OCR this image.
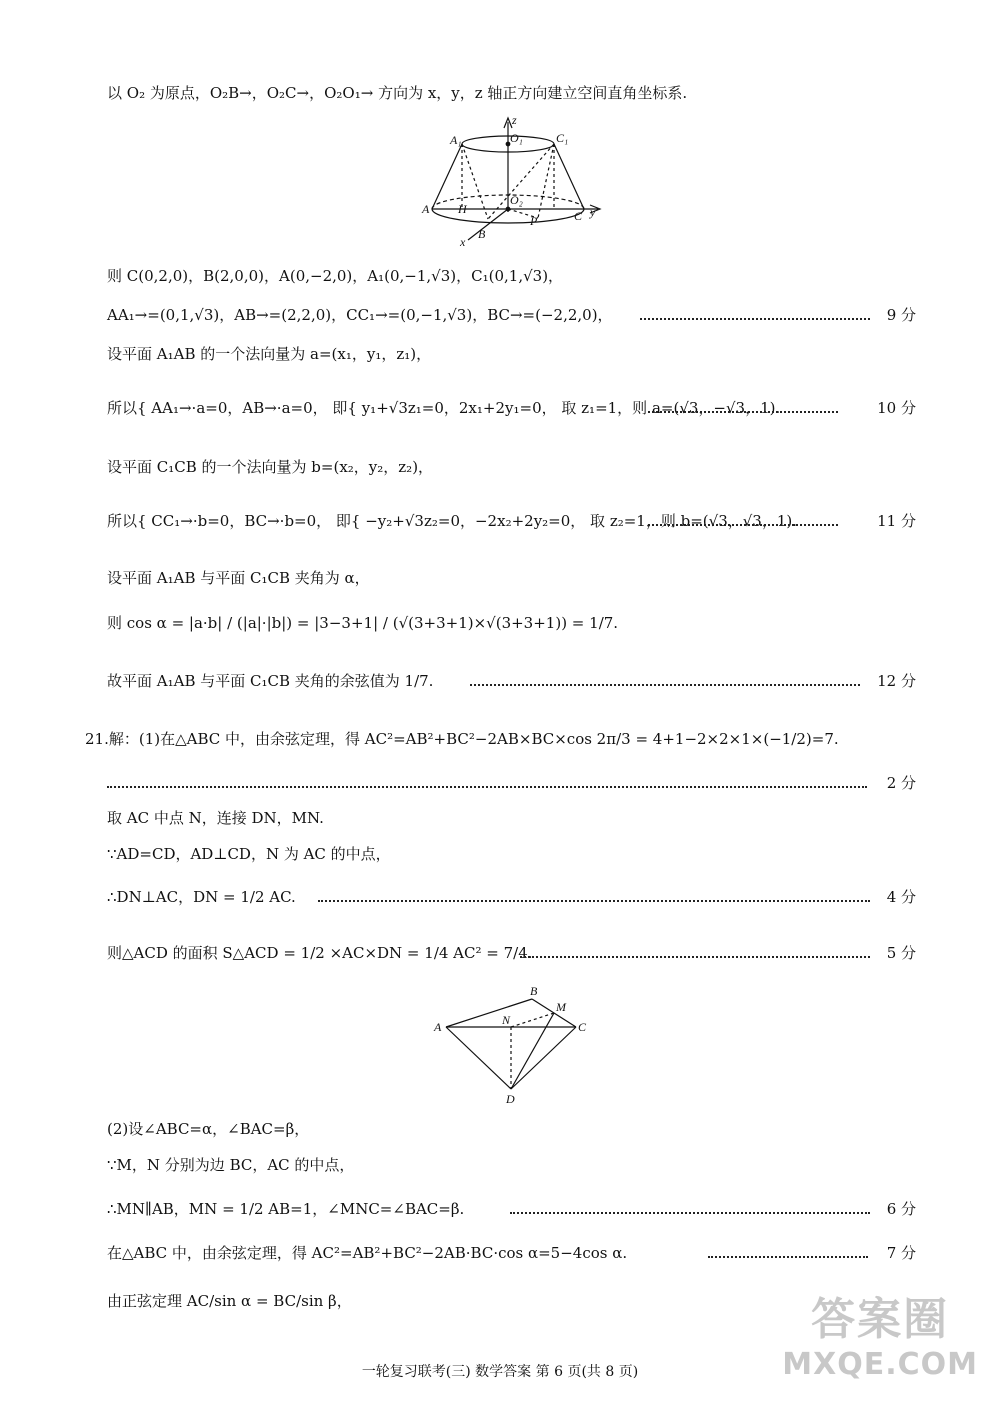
以 O₂ 为原点，O₂B→，O₂C→，O₂O₁→ 方向为 x，y，z 轴正方向建立空间直角坐标系.
z
A₁	O₁	C₁
O₂
A H
P	C y
B
x
则 C(0,2,0)，B(2,0,0)，A(0,−2,0)，A₁(0,−1,√3)，C₁(0,1,√3)，
AA₁→=(0,1,√3)，AB→=(2,2,0)，CC₁→=(0,−1,√3)，BC→=(−2,2,0)，	9 分
设平面 A₁AB 的一个法向量为 a=(x₁，y₁，z₁)，
所以{ AA₁→·a=0，AB→·a=0， 即{ y₁+√3z₁=0，2x₁+2y₁=0， 取 z₁=1，则 a=(√3，−√3，1).	10 分
设平面 C₁CB 的一个法向量为 b=(x₂，y₂，z₂)，
所以{ CC₁→·b=0，BC→·b=0， 即{ −y₂+√3z₂=0，−2x₂+2y₂=0， 取 z₂=1，则 b=(√3，√3，1).	11 分
设平面 A₁AB 与平面 C₁CB 夹角为 α，
则 cos α = |a·b| / (|a|·|b|) = |3−3+1| / (√(3+3+1)×√(3+3+1)) = 1/7.
故平面 A₁AB 与平面 C₁CB 夹角的余弦值为 1/7.	12 分
21.解：(1)在△ABC 中，由余弦定理，得 AC²=AB²+BC²−2AB×BC×cos 2π/3 = 4+1−2×2×1×(−1/2)=7.
2 分
取 AC 中点 N，连接 DN，MN.
∵AD=CD，AD⊥CD，N 为 AC 的中点，
∴DN⊥AC，DN = 1/2 AC.	4 分
则△ACD 的面积 S△ACD = 1/2 ×AC×DN = 1/4 AC² = 7/4.	5 分
A
B
M
N	C
D
(2)设∠ABC=α，∠BAC=β，
∵M，N 分别为边 BC，AC 的中点，
∴MN∥AB，MN = 1/2 AB=1，∠MNC=∠BAC=β.	6 分
在△ABC 中，由余弦定理，得 AC²=AB²+BC²−2AB·BC·cos α=5−4cos α.	7 分
由正弦定理 AC/sin α = BC/sin β，
一轮复习联考(三) 数学答案 第 6 页(共 8 页)
答案圈
MXQE.COM
